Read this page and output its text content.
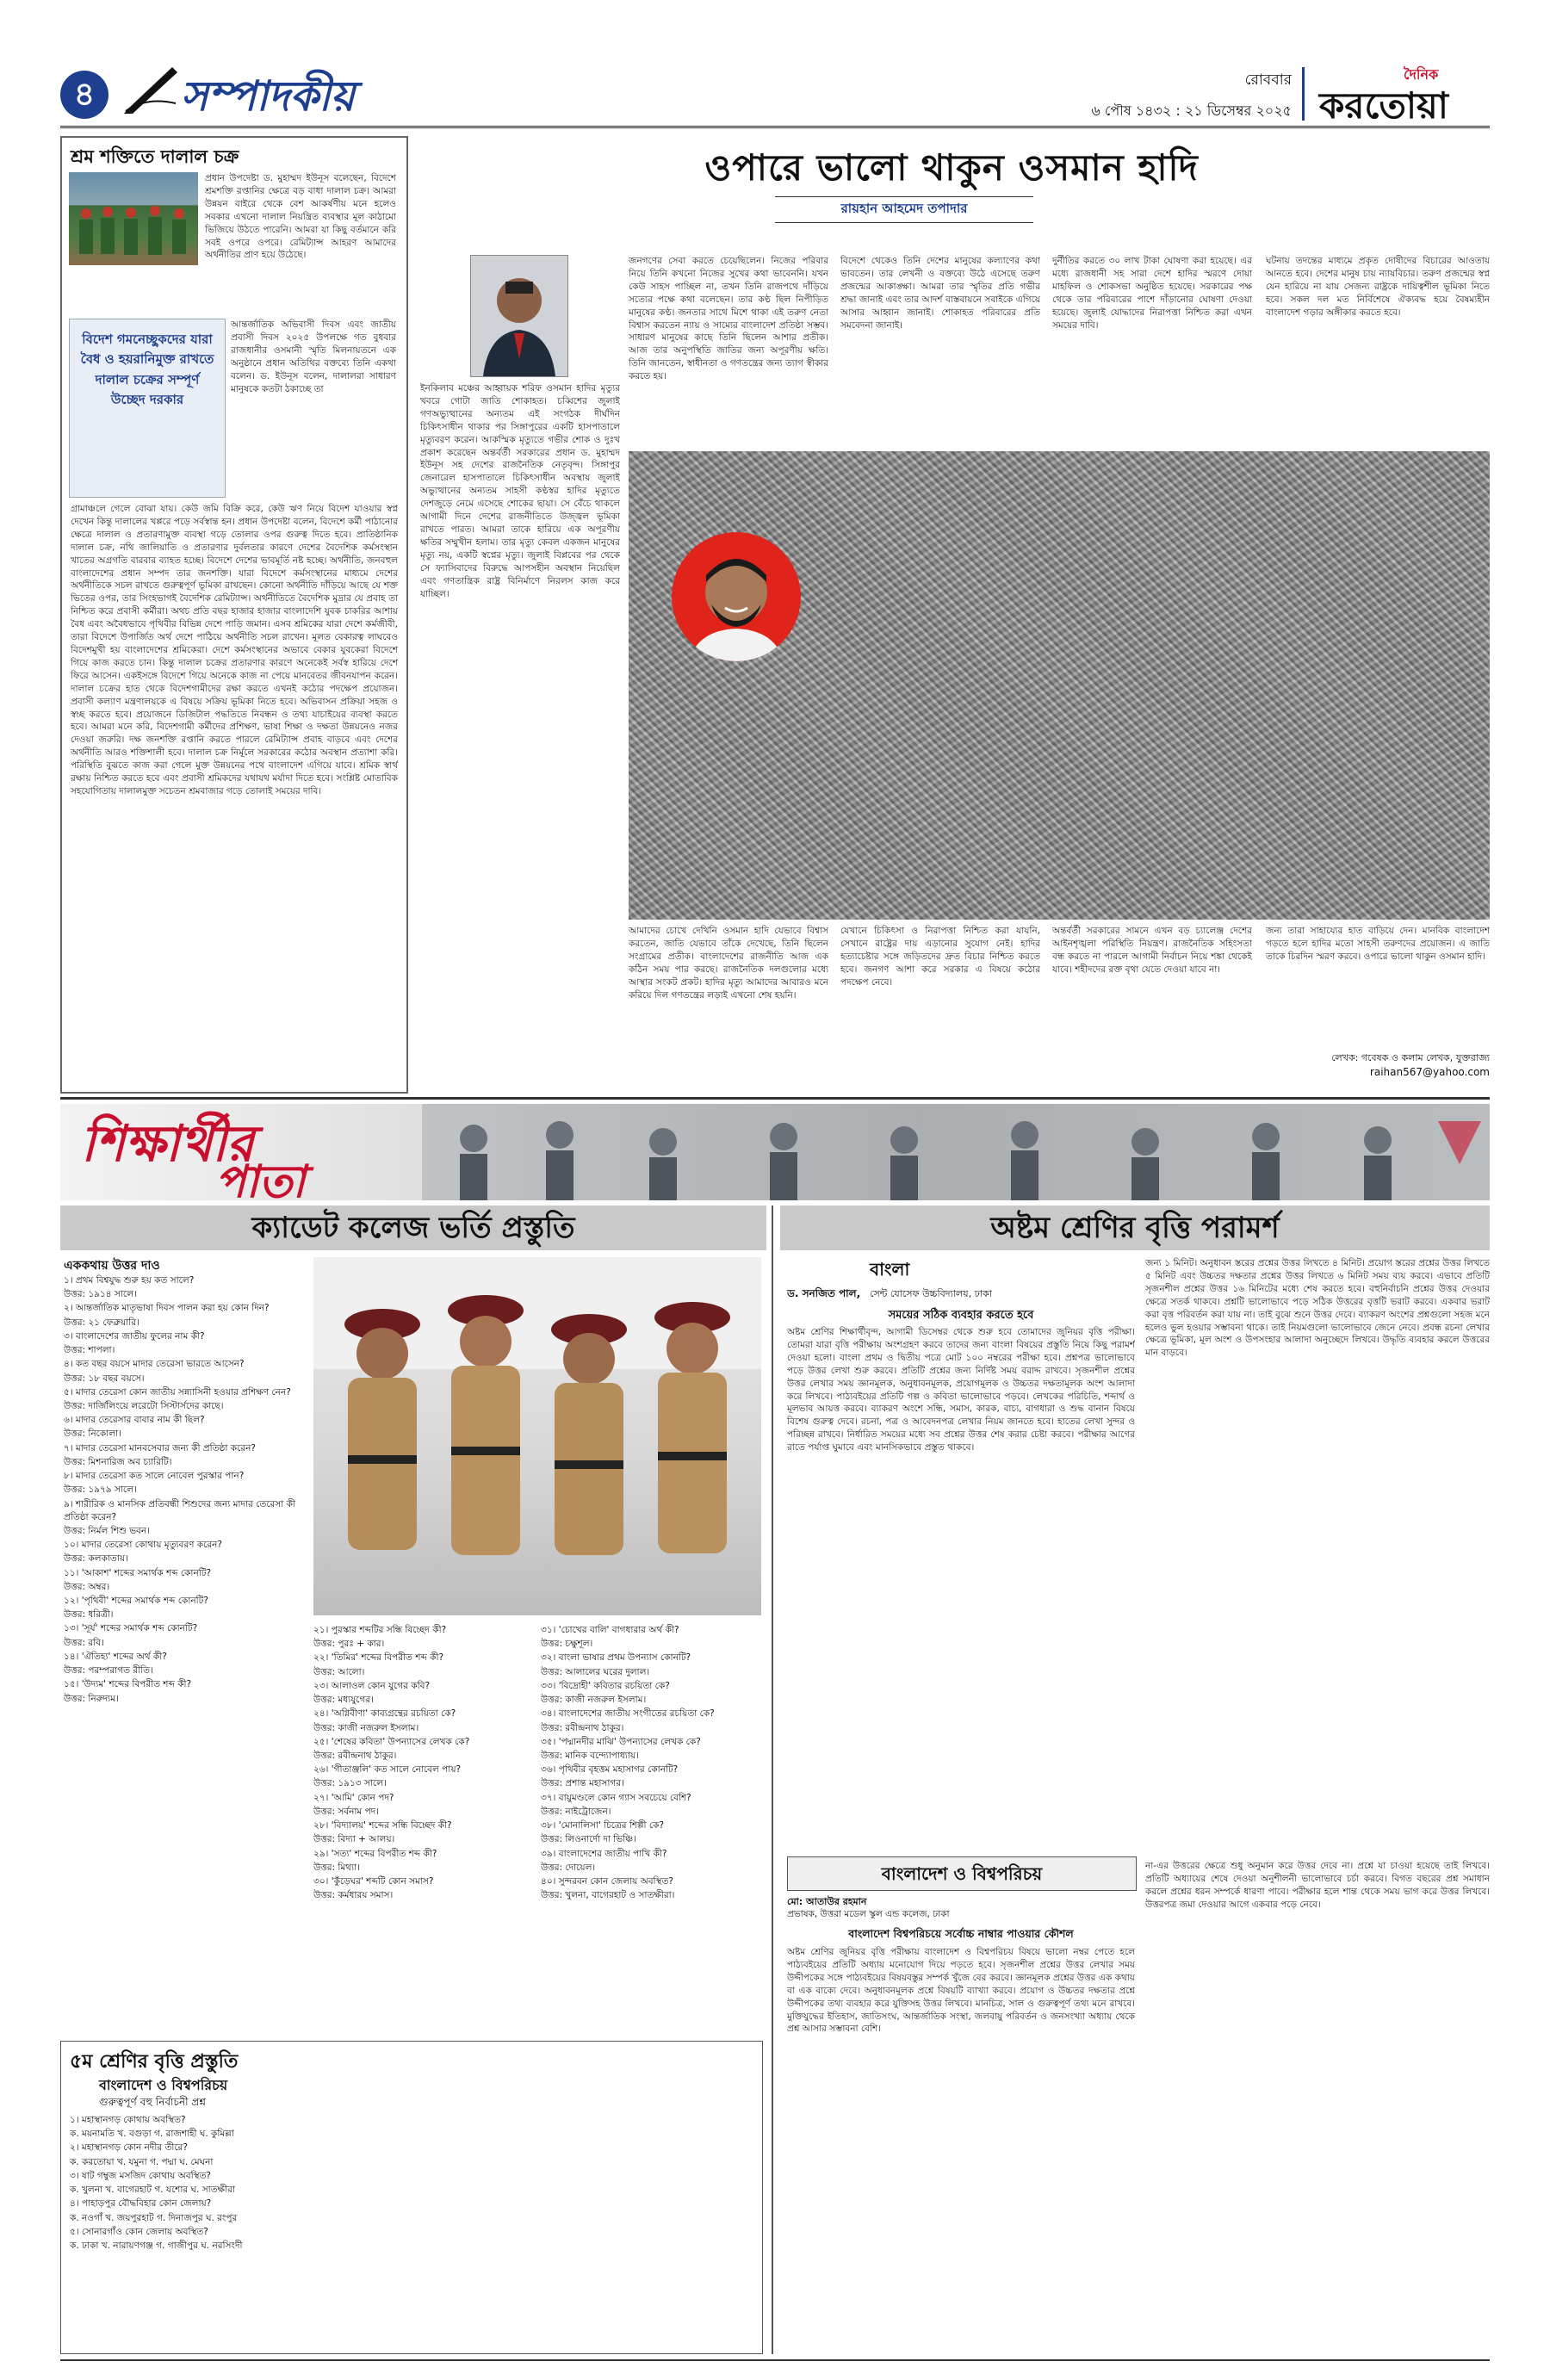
৪	সম্পাদকীয়	রোববার
৬ পৌষ ১৪৩২ : ২১ ডিসেম্বর ২০২৫
দৈনিক
করতোয়া
শ্রম শক্তিতে দালাল চক্র
প্রধান উপদেষ্টা ড. মুহাম্মদ ইউনূস বলেছেন, বিদেশে শ্রমশক্তি রপ্তানির ক্ষেত্রে বড় বাধা দালাল চক্র। আমরা উন্নয়ন বাইরে থেকে বেশ আকর্ষণীয় মনে হলেও সবকার এখনো দালাল নিয়ন্ত্রিত ব্যবস্থার মূল কাঠামো ভিজিয়ে উঠতে পারেনি। আমরা যা কিছু বর্তমানে করি সবই ওপরে ওপরে। রেমিট্যান্স আহরণ আমাদের অর্থনীতির প্রাণ হয়ে উঠেছে।
বিদেশ গমনেচ্ছুকদের যারা বৈধ ও হয়রানিমুক্ত রাখতে দালাল চক্রের সম্পূর্ণ উচ্ছেদ দরকার
আন্তর্জাতিক অভিবাসী দিবস এবং জাতীয় প্রবাসী দিবস ২০২৫ উপলক্ষে গত বুধবার রাজধানীর ওসমানী স্মৃতি মিলনায়তনে এক অনুষ্ঠানে প্রধান অতিথির বক্তব্যে তিনি একথা বলেন। ড. ইউনূস বলেন, দালালরা সাধারণ মানুষকে কতটা ঠকাচ্ছে তা
গ্রামাঞ্চলে গেলে বোঝা যায়। কেউ জমি বিক্রি করে, কেউ ঋণ নিয়ে বিদেশ যাওয়ার স্বপ্ন দেখেন কিন্তু দালালের খপ্পরে পড়ে সর্বস্বান্ত হন। প্রধান উপদেষ্টা বলেন, বিদেশে কর্মী পাঠানোর ক্ষেত্রে দালাল ও প্রতারণামুক্ত ব্যবস্থা গড়ে তোলার ওপর গুরুত্ব দিতে হবে। প্রাতিষ্ঠানিক দালাল চক্র, নথি জালিয়াতি ও প্রতারণার দুর্বলতার কারণে দেশের বৈদেশিক কর্মসংস্থান খাতের অগ্রগতি বারবার ব্যাহত হচ্ছে। বিদেশে দেশের ভাবমূর্তি নষ্ট হচ্ছে। অর্থনীতি, জনবহুল বাংলাদেশের প্রধান সম্পদ তার জনশক্তি। যারা বিদেশে কর্মসংস্থানের মাধ্যমে দেশের অর্থনীতিকে সচল রাখতে গুরুত্বপূর্ণ ভূমিকা রাখছেন। কোনো অর্থনীতি দাঁড়িয়ে আছে যে শক্ত ভিতের ওপর, তার সিংহভাগই বৈদেশিক রেমিট্যান্স। অর্থনীতিতে বৈদেশিক মুদ্রার যে প্রবাহ তা নিশ্চিত করে প্রবাসী কর্মীরা। অথচ প্রতি বছর হাজার হাজার বাংলাদেশি যুবক চাকরির আশায় বৈধ এবং অবৈধভাবে পৃথিবীর বিভিন্ন দেশে পাড়ি জমান। এসব শ্রমিকের যারা দেশে কর্মজীবী, তারা বিদেশে উপার্জিত অর্থ দেশে পাঠিয়ে অর্থনীতি সচল রাখেন। মূলত বেকারত্ব লাঘবেও বিদেশমুখী হয় বাংলাদেশের শ্রমিকেরা। দেশে কর্মসংস্থানের অভাবে বেকার যুবকেরা বিদেশে গিয়ে কাজ করতে চান। কিন্তু দালাল চক্রের প্রতারণার কারণে অনেকেই সর্বস্ব হারিয়ে দেশে ফিরে আসেন। একইসঙ্গে বিদেশে গিয়ে অনেকে কাজ না পেয়ে মানবেতর জীবনযাপন করেন। দালাল চক্রের হাত থেকে বিদেশগামীদের রক্ষা করতে এখনই কঠোর পদক্ষেপ প্রয়োজন। প্রবাসী কল্যাণ মন্ত্রণালয়কে এ বিষয়ে সক্রিয় ভূমিকা নিতে হবে। অভিবাসন প্রক্রিয়া সহজ ও স্বচ্ছ করতে হবে। প্রয়োজনে ডিজিটাল পদ্ধতিতে নিবন্ধন ও তথ্য যাচাইয়ের ব্যবস্থা করতে হবে। আমরা মনে করি, বিদেশগামী কর্মীদের প্রশিক্ষণ, ভাষা শিক্ষা ও দক্ষতা উন্নয়নেও নজর দেওয়া জরুরি। দক্ষ জনশক্তি রপ্তানি করতে পারলে রেমিট্যান্স প্রবাহ বাড়বে এবং দেশের অর্থনীতি আরও শক্তিশালী হবে। দালাল চক্র নির্মূলে সরকারের কঠোর অবস্থান প্রত্যাশা করি। পরিস্থিতি বুঝতে কাজ করা গেলে মুক্ত উন্নয়নের পথে বাংলাদেশ এগিয়ে যাবে। শ্রমিক স্বার্থ রক্ষায় নিশ্চিত করতে হবে এবং প্রবাসী শ্রমিকদের যথাযথ মর্যাদা দিতে হবে। সংশ্লিষ্ট মোতাবিক সহযোগিতায় দালালমুক্ত সচেতন শ্রমবাজার গড়ে তোলাই সময়ের দাবি।
ওপারে ভালো থাকুন ওসমান হাদি
রায়হান আহমেদ তপাদার
ইনকিলাব মঞ্চের আহ্বায়ক শরিফ ওসমান হাদির মৃত্যুর খবরে গোটা জাতি শোকাহত। চব্বিশের জুলাই গণঅভ্যুত্থানের অন্যতম এই সংগঠক দীর্ঘদিন চিকিৎসাধীন থাকার পর সিঙ্গাপুরের একটি হাসপাতালে মৃত্যুবরণ করেন। আকস্মিক মৃত্যুতে গভীর শোক ও দুঃখ প্রকাশ করেছেন অন্তর্বর্তী সরকারের প্রধান ড. মুহাম্মদ ইউনূস সহ দেশের রাজনৈতিক নেতৃবৃন্দ। সিঙ্গাপুর জেনারেল হাসপাতালে চিকিৎসাধীন অবস্থায় জুলাই অভ্যুত্থানের অন্যতম সাহসী কণ্ঠস্বর হাদির মৃত্যুতে দেশজুড়ে নেমে এসেছে শোকের ছায়া। সে বেঁচে থাকলে আগামী দিনে দেশের রাজনীতিতে উজ্জ্বল ভূমিকা রাখতে পারত। আমরা তাকে হারিয়ে এক অপূরণীয় ক্ষতির সম্মুখীন হলাম। তার মৃত্যু কেবল একজন মানুষের মৃত্যু নয়, একটি স্বপ্নের মৃত্যু। জুলাই বিপ্লবের পর থেকে সে ফ্যাসিবাদের বিরুদ্ধে আপসহীন অবস্থান নিয়েছিল এবং গণতান্ত্রিক রাষ্ট্র বিনির্মাণে নিরলস কাজ করে যাচ্ছিল।
জনগণের সেবা করতে চেয়েছিলেন। নিজের পরিবার নিয়ে তিনি কখনো নিজের সুখের কথা ভাবেননি। যখন কেউ সাহস পাচ্ছিল না, তখন তিনি রাজপথে দাঁড়িয়ে সত্যের পক্ষে কথা বলেছেন। তার কণ্ঠ ছিল নিপীড়িত মানুষের কণ্ঠ। জনতার সাথে মিশে থাকা এই তরুণ নেতা বিশ্বাস করতেন ন্যায় ও সাম্যের বাংলাদেশ প্রতিষ্ঠা সম্ভব। সাধারণ মানুষের কাছে তিনি ছিলেন আশার প্রতীক। আজ তার অনুপস্থিতি জাতির জন্য অপূরণীয় ক্ষতি। তিনি জানতেন, স্বাধীনতা ও গণতন্ত্রের জন্য ত্যাগ স্বীকার করতে হয়।
বিদেশে থেকেও তিনি দেশের মানুষের কল্যাণের কথা ভাবতেন। তার লেখনী ও বক্তব্যে উঠে এসেছে তরুণ প্রজন্মের আকাঙ্ক্ষা। আমরা তার স্মৃতির প্রতি গভীর শ্রদ্ধা জানাই এবং তার আদর্শ বাস্তবায়নে সবাইকে এগিয়ে আসার আহ্বান জানাই। শোকাহত পরিবারের প্রতি সমবেদনা জানাই।
দুর্নীতির করতে ৩০ লাখ টাকা ঘোষণা করা হয়েছে। এর মধ্যে রাজধানী সহ সারা দেশে হাদির স্মরণে দোয়া মাহফিল ও শোকসভা অনুষ্ঠিত হয়েছে। সরকারের পক্ষ থেকে তার পরিবারের পাশে দাঁড়ানোর ঘোষণা দেওয়া হয়েছে। জুলাই যোদ্ধাদের নিরাপত্তা নিশ্চিত করা এখন সময়ের দাবি।
ঘটনায় তদন্তের মাধ্যমে প্রকৃত দোষীদের বিচারের আওতায় আনতে হবে। দেশের মানুষ চায় ন্যায়বিচার। তরুণ প্রজন্মের স্বপ্ন যেন হারিয়ে না যায় সেজন্য রাষ্ট্রকে দায়িত্বশীল ভূমিকা নিতে হবে। সকল দল মত নির্বিশেষে ঐক্যবদ্ধ হয়ে বৈষম্যহীন বাংলাদেশ গড়ার অঙ্গীকার করতে হবে।
আমাদের চোখে দেখিনি ওসমান হাদি যেভাবে বিশ্বাস করতেন, জাতি যেভাবে তাঁকে দেখেছে, তিনি ছিলেন সংগ্রামের প্রতীক। বাংলাদেশের রাজনীতি আজ এক কঠিন সময় পার করছে। রাজনৈতিক দলগুলোর মধ্যে আস্থার সংকট প্রকট। হাদির মৃত্যু আমাদের আবারও মনে করিয়ে দিল গণতন্ত্রের লড়াই এখনো শেষ হয়নি।
যেখানে চিকিৎসা ও নিরাপত্তা নিশ্চিত করা যায়নি, সেখানে রাষ্ট্রের দায় এড়ানোর সুযোগ নেই। হাদির হত্যাচেষ্টার সঙ্গে জড়িতদের দ্রুত বিচার নিশ্চিত করতে হবে। জনগণ আশা করে সরকার এ বিষয়ে কঠোর পদক্ষেপ নেবে।
অন্তর্বর্তী সরকারের সামনে এখন বড় চ্যালেঞ্জ দেশের আইনশৃঙ্খলা পরিস্থিতি নিয়ন্ত্রণ। রাজনৈতিক সহিংসতা বন্ধ করতে না পারলে আগামী নির্বাচন নিয়ে শঙ্কা থেকেই যাবে। শহীদদের রক্ত বৃথা যেতে দেওয়া যাবে না।
জন্য তারা সাহায্যের হাত বাড়িয়ে দেন। মানবিক বাংলাদেশ গড়তে হলে হাদির মতো সাহসী তরুণদের প্রয়োজন। এ জাতি তাকে চিরদিন স্মরণ করবে। ওপারে ভালো থাকুন ওসমান হাদি।
লেখক: গবেষক ও কলাম লেখক, যুক্তরাজ্য
raihan567@yahoo.com
শিক্ষার্থীর
পাতা
ক্যাডেট কলেজ ভর্তি প্রস্তুতি
এককথায় উত্তর দাও
১। প্রথম বিশ্বযুদ্ধ শুরু হয় কত সালে?
উত্তর: ১৯১৪ সালে।
২। আন্তর্জাতিক মাতৃভাষা দিবস পালন করা হয় কোন দিন?
উত্তর: ২১ ফেব্রুয়ারি।
৩। বাংলাদেশের জাতীয় ফুলের নাম কী?
উত্তর: শাপলা।
৪। কত বছর বয়সে মাদার তেরেসা ভারতে আসেন?
উত্তর: ১৮ বছর বয়সে।
৫। মাদার তেরেসা কোন জাতীয় সন্ন্যাসিনী হওয়ার প্রশিক্ষণ নেন?
উত্তর: দার্জিলিংয়ে লরেটো সিস্টার্সদের কাছে।
৬। মাদার তেরেসার বাবার নাম কী ছিল?
উত্তর: নিকোলা।
৭। মাদার তেরেসা মানবসেবার জন্য কী প্রতিষ্ঠা করেন?
উত্তর: মিশনারিজ অব চ্যারিটি।
৮। মাদার তেরেসা কত সালে নোবেল পুরস্কার পান?
উত্তর: ১৯৭৯ সালে।
৯। শারীরিক ও মানসিক প্রতিবন্ধী শিশুদের জন্য মাদার তেরেসা কী প্রতিষ্ঠা করেন?
উত্তর: নির্মল শিশু ভবন।
১০। মাদার তেরেসা কোথায় মৃত্যুবরণ করেন?
উত্তর: কলকাতায়।
১১। 'আকাশ' শব্দের সমার্থক শব্দ কোনটি?
উত্তর: অম্বর।
১২। 'পৃথিবী' শব্দের সমার্থক শব্দ কোনটি?
উত্তর: ধরিত্রী।
১৩। 'সূর্য' শব্দের সমার্থক শব্দ কোনটি?
উত্তর: রবি।
১৪। 'ঐতিহ্য' শব্দের অর্থ কী?
উত্তর: পরম্পরাগত রীতি।
১৫। 'উদ্যম' শব্দের বিপরীত শব্দ কী?
উত্তর: নিরুদ্যম।
২১। পুরস্কার শব্দটির সন্ধি বিচ্ছেদ কী?
উত্তর: পুরঃ + কার।
২২। 'তিমির' শব্দের বিপরীত শব্দ কী?
উত্তর: আলো।
২৩। আলাওল কোন যুগের কবি?
উত্তর: মধ্যযুগের।
২৪। 'অগ্নিবীণা' কাব্যগ্রন্থের রচয়িতা কে?
উত্তর: কাজী নজরুল ইসলাম।
২৫। 'শেষের কবিতা' উপন্যাসের লেখক কে?
উত্তর: রবীন্দ্রনাথ ঠাকুর।
২৬। 'গীতাঞ্জলি' কত সালে নোবেল পায়?
উত্তর: ১৯১৩ সালে।
২৭। 'আমি' কোন পদ?
উত্তর: সর্বনাম পদ।
২৮। 'বিদ্যালয়' শব্দের সন্ধি বিচ্ছেদ কী?
উত্তর: বিদ্যা + আলয়।
২৯। 'সত্য' শব্দের বিপরীত শব্দ কী?
উত্তর: মিথ্যা।
৩০। 'কুঁড়েঘর' শব্দটি কোন সমাস?
উত্তর: কর্মধারয় সমাস।
৩১। 'চোখের বালি' বাগধারার অর্থ কী?
উত্তর: চক্ষুশূল।
৩২। বাংলা ভাষার প্রথম উপন্যাস কোনটি?
উত্তর: আলালের ঘরের দুলাল।
৩৩। 'বিদ্রোহী' কবিতার রচয়িতা কে?
উত্তর: কাজী নজরুল ইসলাম।
৩৪। বাংলাদেশের জাতীয় সংগীতের রচয়িতা কে?
উত্তর: রবীন্দ্রনাথ ঠাকুর।
৩৫। 'পদ্মানদীর মাঝি' উপন্যাসের লেখক কে?
উত্তর: মানিক বন্দ্যোপাধ্যায়।
৩৬। পৃথিবীর বৃহত্তম মহাসাগর কোনটি?
উত্তর: প্রশান্ত মহাসাগর।
৩৭। বায়ুমণ্ডলে কোন গ্যাস সবচেয়ে বেশি?
উত্তর: নাইট্রোজেন।
৩৮। 'মোনালিসা' চিত্রের শিল্পী কে?
উত্তর: লিওনার্দো দা ভিঞ্চি।
৩৯। বাংলাদেশের জাতীয় পাখি কী?
উত্তর: দোয়েল।
৪০। সুন্দরবন কোন জেলায় অবস্থিত?
উত্তর: খুলনা, বাগেরহাট ও সাতক্ষীরা।
৫ম শ্রেণির বৃত্তি প্রস্তুতি
বাংলাদেশ ও বিশ্বপরিচয়
গুরুত্বপূর্ণ বহু নির্বাচনী প্রশ্ন
১। মহাস্থানগড় কোথায় অবস্থিত?
ক. ময়নামতি খ. বগুড়া গ. রাজশাহী ঘ. কুমিল্লা
২। মহাস্থানগড় কোন নদীর তীরে?
ক. করতোয়া খ. যমুনা গ. পদ্মা ঘ. মেঘনা
৩। ষাট গম্বুজ মসজিদ কোথায় অবস্থিত?
ক. খুলনা খ. বাগেরহাট গ. যশোর ঘ. সাতক্ষীরা
৪। পাহাড়পুর বৌদ্ধবিহার কোন জেলায়?
ক. নওগাঁ খ. জয়পুরহাট গ. দিনাজপুর ঘ. রংপুর
৫। সোনারগাঁও কোন জেলায় অবস্থিত?
ক. ঢাকা খ. নারায়ণগঞ্জ গ. গাজীপুর ঘ. নরসিংদী
অষ্টম শ্রেণির বৃত্তি পরামর্শ
বাংলা
ড. সনজিত পাল, সেন্ট যোসেফ উচ্চবিদ্যালয়, ঢাকা
সময়ের সঠিক ব্যবহার করতে হবে
অষ্টম শ্রেণির শিক্ষার্থীবৃন্দ, আগামী ডিসেম্বর থেকে শুরু হবে তোমাদের জুনিয়র বৃত্তি পরীক্ষা। তোমরা যারা বৃত্তি পরীক্ষায় অংশগ্রহণ করবে তাদের জন্য বাংলা বিষয়ের প্রস্তুতি নিয়ে কিছু পরামর্শ দেওয়া হলো। বাংলা প্রথম ও দ্বিতীয় পত্রে মোট ১০০ নম্বরের পরীক্ষা হবে। প্রশ্নপত্র ভালোভাবে পড়ে উত্তর লেখা শুরু করবে। প্রতিটি প্রশ্নের জন্য নির্দিষ্ট সময় বরাদ্দ রাখবে। সৃজনশীল প্রশ্নের উত্তর লেখার সময় জ্ঞানমূলক, অনুধাবনমূলক, প্রয়োগমূলক ও উচ্চতর দক্ষতামূলক অংশ আলাদা করে লিখবে। পাঠ্যবইয়ের প্রতিটি গল্প ও কবিতা ভালোভাবে পড়বে। লেখকের পরিচিতি, শব্দার্থ ও মূলভাব আয়ত্ত করবে। ব্যাকরণ অংশে সন্ধি, সমাস, কারক, বাচ্য, বাগধারা ও শুদ্ধ বানান বিষয়ে বিশেষ গুরুত্ব দেবে। রচনা, পত্র ও আবেদনপত্র লেখার নিয়ম জানতে হবে। হাতের লেখা সুন্দর ও পরিচ্ছন্ন রাখবে। নির্ধারিত সময়ের মধ্যে সব প্রশ্নের উত্তর শেষ করার চেষ্টা করবে। পরীক্ষার আগের রাতে পর্যাপ্ত ঘুমাবে এবং মানসিকভাবে প্রস্তুত থাকবে।
জন্য ১ মিনিট। অনুধাবন স্তরের প্রশ্নের উত্তর লিখতে ৪ মিনিট। প্রয়োগ স্তরের প্রশ্নের উত্তর লিখতে ৫ মিনিট এবং উচ্চতর দক্ষতার প্রশ্নের উত্তর লিখতে ৬ মিনিট সময় ব্যয় করবে। এভাবে প্রতিটি সৃজনশীল প্রশ্নের উত্তর ১৬ মিনিটের মধ্যে শেষ করতে হবে। বহুনির্বাচনি প্রশ্নের উত্তর দেওয়ার ক্ষেত্রে সতর্ক থাকবে। প্রশ্নটি ভালোভাবে পড়ে সঠিক উত্তরের বৃত্তটি ভরাট করবে। একবার ভরাট করা বৃত্ত পরিবর্তন করা যায় না। তাই বুঝে শুনে উত্তর দেবে। ব্যাকরণ অংশের প্রশ্নগুলো সহজ মনে হলেও ভুল হওয়ার সম্ভাবনা থাকে। তাই নিয়মগুলো ভালোভাবে জেনে নেবে। প্রবন্ধ রচনা লেখার ক্ষেত্রে ভূমিকা, মূল অংশ ও উপসংহার আলাদা অনুচ্ছেদে লিখবে। উদ্ধৃতি ব্যবহার করলে উত্তরের মান বাড়বে।
বাংলাদেশ ও বিশ্বপরিচয়
মো: আতাউর রহমান
প্রভাষক, উত্তরা মডেল স্কুল এন্ড কলেজ, ঢাকা
বাংলাদেশ বিশ্বপরিচয়ে সর্বোচ্চ নাম্বার পাওয়ার কৌশল
অষ্টম শ্রেণির জুনিয়র বৃত্তি পরীক্ষায় বাংলাদেশ ও বিশ্বপরিচয় বিষয়ে ভালো নম্বর পেতে হলে পাঠ্যবইয়ের প্রতিটি অধ্যায় মনোযোগ দিয়ে পড়তে হবে। সৃজনশীল প্রশ্নের উত্তর লেখার সময় উদ্দীপকের সঙ্গে পাঠ্যবইয়ের বিষয়বস্তুর সম্পর্ক খুঁজে বের করবে। জ্ঞানমূলক প্রশ্নের উত্তর এক কথায় বা এক বাক্যে দেবে। অনুধাবনমূলক প্রশ্নে বিষয়টি ব্যাখ্যা করবে। প্রয়োগ ও উচ্চতর দক্ষতার প্রশ্নে উদ্দীপকের তথ্য ব্যবহার করে যুক্তিসহ উত্তর লিখবে। মানচিত্র, সাল ও গুরুত্বপূর্ণ তথ্য মনে রাখবে। মুক্তিযুদ্ধের ইতিহাস, জাতিসংঘ, আন্তর্জাতিক সংস্থা, জলবায়ু পরিবর্তন ও জনসংখ্যা অধ্যায় থেকে প্রশ্ন আসার সম্ভাবনা বেশি।
না-এর উত্তরের ক্ষেত্রে শুধু অনুমান করে উত্তর দেবে না। প্রশ্নে যা চাওয়া হয়েছে তাই লিখবে। প্রতিটি অধ্যায়ের শেষে দেওয়া অনুশীলনী ভালোভাবে চর্চা করবে। বিগত বছরের প্রশ্ন সমাধান করলে প্রশ্নের ধরন সম্পর্কে ধারণা পাবে। পরীক্ষার হলে শান্ত থেকে সময় ভাগ করে উত্তর লিখবে। উত্তরপত্র জমা দেওয়ার আগে একবার পড়ে নেবে।
